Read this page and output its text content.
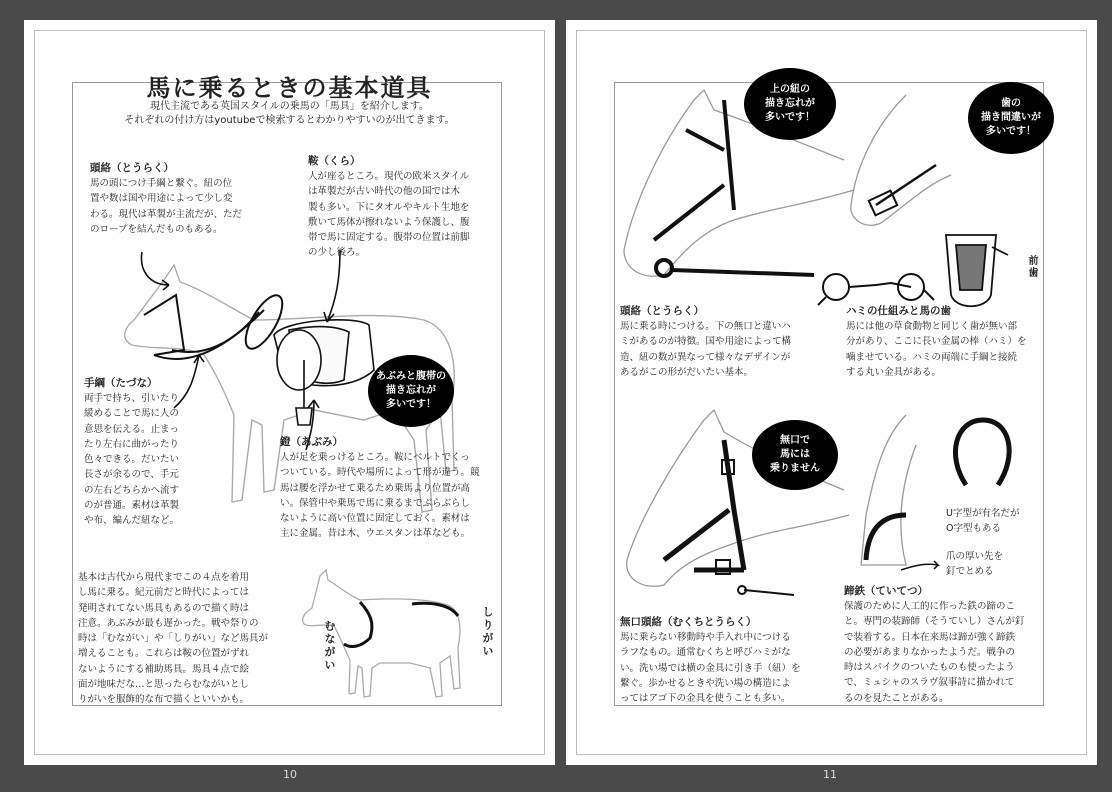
馬に乗るときの基本道具
現代主流である英国スタイルの乗馬の「馬具」を紹介します。
それぞれの付け方はyoutubeで検索するとわかりやすいのが出てきます。
頭絡（とうらく）
馬の頭につけ手綱と繋ぐ。紐の位
置や数は国や用途によって少し変
わる。現代は革製が主流だが、ただ
のロープを結んだものもある。
鞍（くら）
人が座るところ。現代の欧米スタイル
は革製だが古い時代の他の国では木
製も多い。下にタオルやキルト生地を
敷いて馬体が擦れないよう保護し、腹
帯で馬に固定する。腹帯の位置は前脚
の少し後ろ。
あぶみと腹帯の
描き忘れが
多いです！
手綱（たづな）
両手で持ち、引いたり
緩めることで馬に人の
意思を伝える。止まっ
たり左右に曲がったり
色々できる。だいたい
長さが余るので、手元
の左右どちらかへ流す
のが普通。素材は革製
や布、編んだ紐など。
鐙（あぶみ）
人が足を乗っけるところ。鞍にベルトでくっ
ついている。時代や場所によって形が違う。競
馬は腰を浮かせて乗るため乗馬より位置が高
い。保管中や乗馬で馬に乗るまでぶらぶらし
ないように高い位置に固定しておく。素材は
主に金属。昔は木、ウエスタンは革なども。
基本は古代から現代までこの４点を着用
し馬に乗る。紀元前だと時代によっては
発明されてない馬具もあるので描く時は
注意。あぶみが最も遅かった。戦や祭りの
時は「むながい」や「しりがい」など馬具が
増えることも。これらは鞍の位置がずれ
ないようにする補助馬具。馬具４点で絵
面が地味だな…と思ったらむながいとし
りがいを服飾的な布で描くといいかも。
むながい	しりがい
10
上の紐の
描き忘れが
多いです！
歯の
描き間違いが
多いです！
前歯
頭絡（とうらく）
馬に乗る時につける。下の無口と違いハ
ミがあるのが特徴。国や用途によって構
造、紐の数が異なって様々なデザインが
あるがこの形がだいたい基本。
ハミの仕組みと馬の歯
馬には他の草食動物と同じく歯が無い部
分があり、ここに長い金属の棒（ハミ）を
噛ませている。ハミの両端に手綱と接続
する丸い金具がある。
無口で
馬には
乗りません
U字型が有名だが
O字型もある
爪の厚い先を
釘でとめる
無口頭絡（むくちとうらく）
馬に乗らない移動時や手入れ中につける
ラフなもの。通常むくちと呼びハミがな
い。洗い場では横の金具に引き手（紐）を
繋ぐ。歩かせるときや洗い場の構造によ
ってはアゴ下の金具を使うことも多い。
蹄鉄（ていてつ）
保護のために人工的に作った鉄の蹄のこ
と。専門の装蹄師（そうていし）さんが釘
で装着する。日本在来馬は蹄が強く蹄鉄
の必要があまりなかったようだ。戦争の
時はスパイクのついたものも使ったよう
で、ミュシャのスラヴ叙事詩に描かれて
るのを見たことがある。
11
